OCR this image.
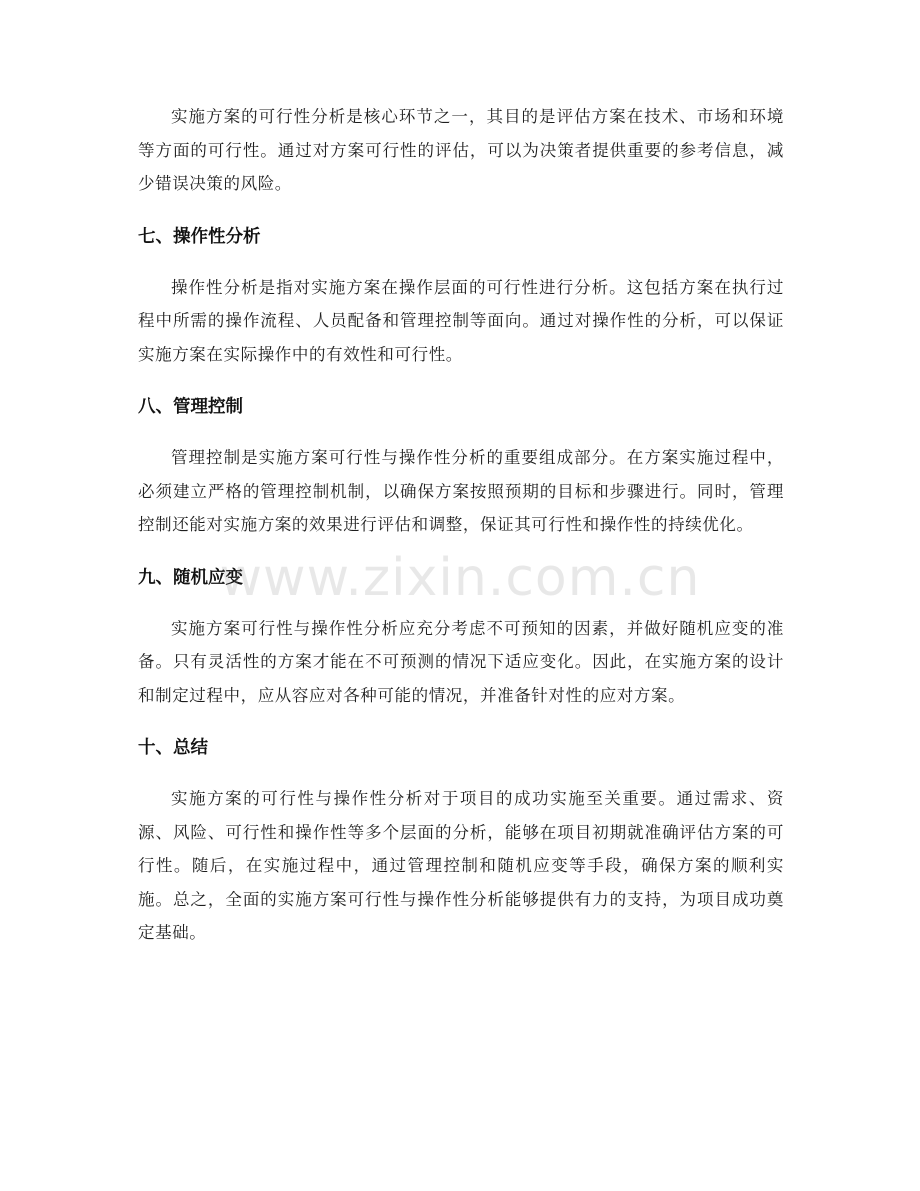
实施方案的可行性分析是核心环节之一，其目的是评估方案在技术、市场和环境等方面的可行性。通过对方案可行性的评估，可以为决策者提供重要的参考信息，减少错误决策的风险。

七、操作性分析

操作性分析是指对实施方案在操作层面的可行性进行分析。这包括方案在执行过程中所需的操作流程、人员配备和管理控制等面向。通过对操作性的分析，可以保证实施方案在实际操作中的有效性和可行性。

八、管理控制

管理控制是实施方案可行性与操作性分析的重要组成部分。在方案实施过程中，必须建立严格的管理控制机制，以确保方案按照预期的目标和步骤进行。同时，管理控制还能对实施方案的效果进行评估和调整，保证其可行性和操作性的持续优化。

九、随机应变

实施方案可行性与操作性分析应充分考虑不可预知的因素，并做好随机应变的准备。只有灵活性的方案才能在不可预测的情况下适应变化。因此，在实施方案的设计和制定过程中，应从容应对各种可能的情况，并准备针对性的应对方案。

十、总结

实施方案的可行性与操作性分析对于项目的成功实施至关重要。通过需求、资源、风险、可行性和操作性等多个层面的分析，能够在项目初期就准确评估方案的可行性。随后，在实施过程中，通过管理控制和随机应变等手段，确保方案的顺利实施。总之，全面的实施方案可行性与操作性分析能够提供有力的支持，为项目成功奠定基础。

www.zixin.com.cn
